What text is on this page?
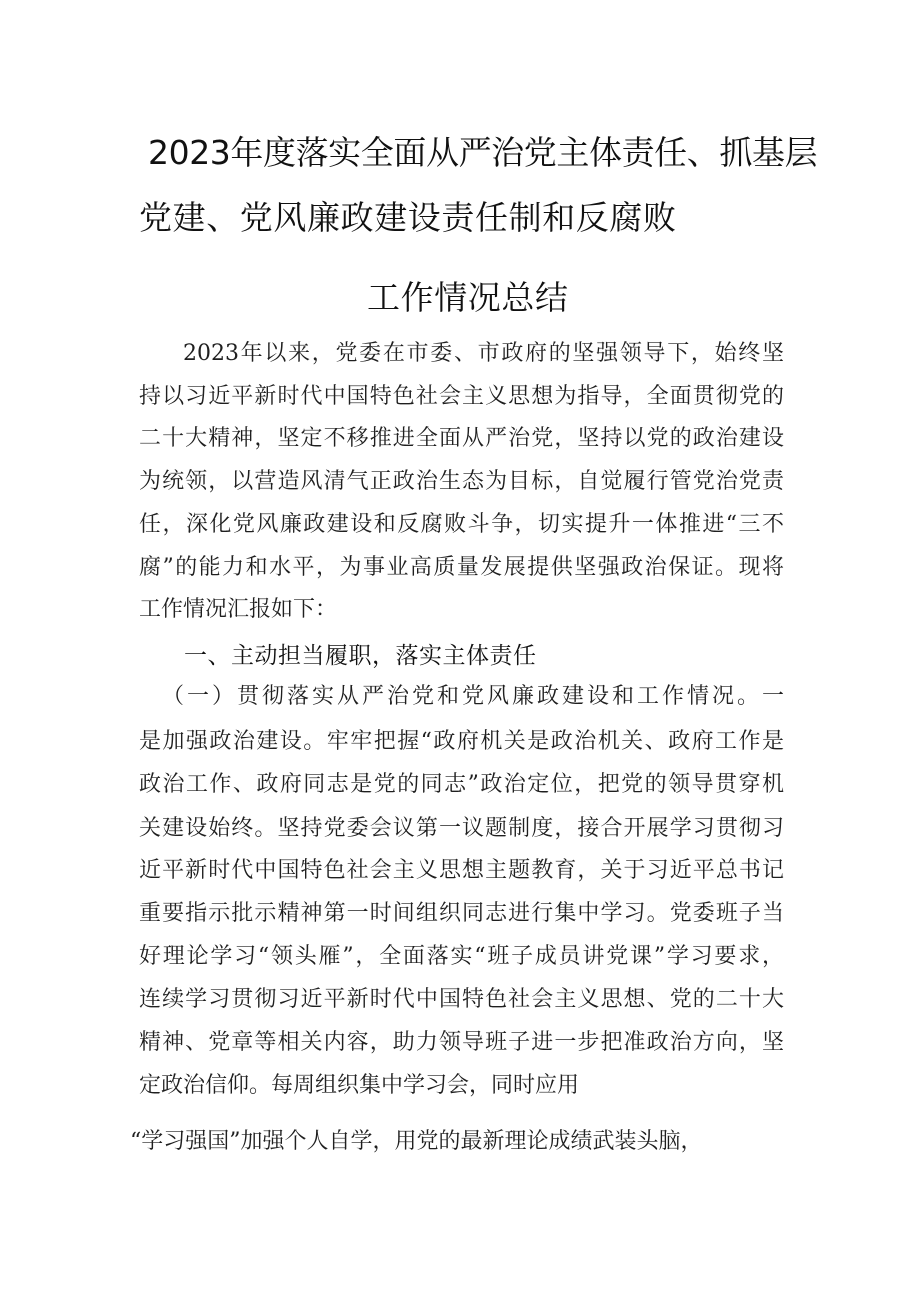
2023年度落实全面从严治党主体责任、抓基层
党建、党风廉政建设责任制和反腐败
工作情况总结
2023年以来，党委在市委、市政府的坚强领导下，始终坚
持以习近平新时代中国特色社会主义思想为指导，全面贯彻党的
二十大精神，坚定不移推进全面从严治党，坚持以党的政治建设
为统领，以营造风清气正政治生态为目标，自觉履行管党治党责
任，深化党风廉政建设和反腐败斗争，切实提升一体推进“三不
腐”的能力和水平，为事业高质量发展提供坚强政治保证。现将
工作情况汇报如下：
一、主动担当履职，落实主体责任
（一）贯彻落实从严治党和党风廉政建设和工作情况。一
是加强政治建设。牢牢把握“政府机关是政治机关、政府工作是
政治工作、政府同志是党的同志”政治定位，把党的领导贯穿机
关建设始终。坚持党委会议第一议题制度，接合开展学习贯彻习
近平新时代中国特色社会主义思想主题教育，关于习近平总书记
重要指示批示精神第一时间组织同志进行集中学习。党委班子当
好理论学习“领头雁”，全面落实“班子成员讲党课”学习要求，
连续学习贯彻习近平新时代中国特色社会主义思想、党的二十大
精神、党章等相关内容，助力领导班子进一步把准政治方向，坚
定政治信仰。每周组织集中学习会，同时应用
“学习强国”加强个人自学，用党的最新理论成绩武装头脑，
